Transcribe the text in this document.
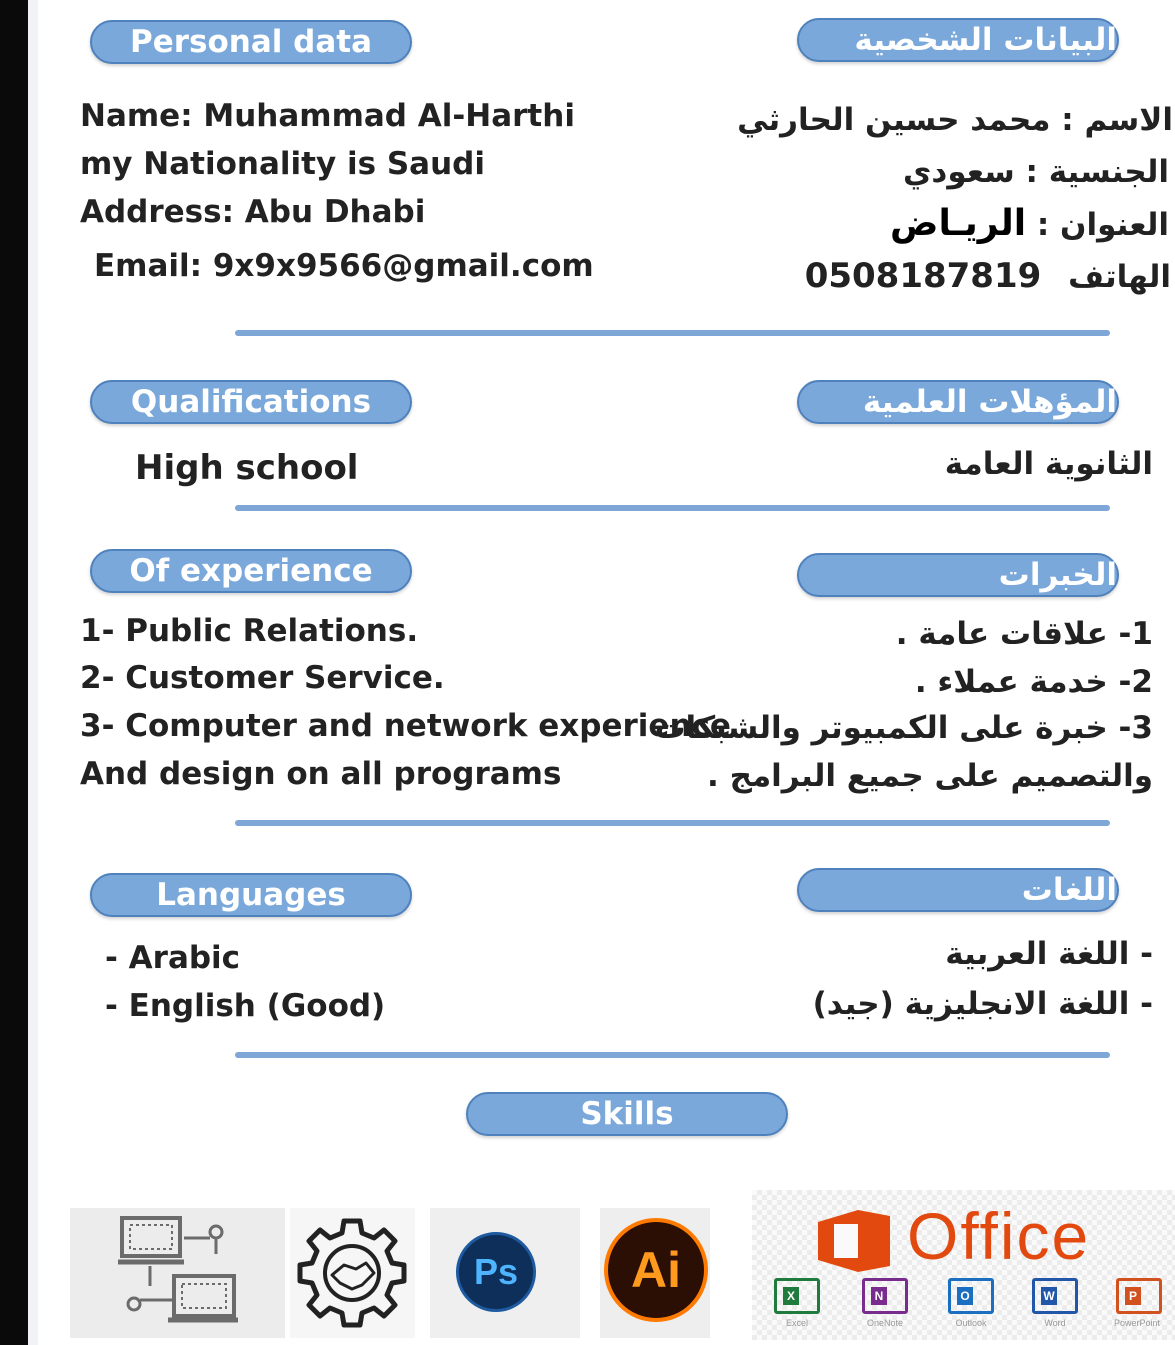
Personal data	البيانات الشخصية
Name: Muhammad Al-Harthi
my Nationality is Saudi
Address: Abu Dhabi
Email: 9x9x9566@gmail.com
الاسم : محمد حسين الحارثي
الجنسية : سعودي
العنوان : الريـاض
الهاتف 0508187819
Qualifications	المؤهلات العلمية
High school	الثانوية العامة
Of experience	الخبرات
1- Public Relations.
2- Customer Service.
3- Computer and network experience
And design on all programs
1- علاقات عامة .
2- خدمة عملاء .
3- خبرة على الكمبيوتر والشبكات
والتصميم على جميع البرامج .
Languages	اللغات
- Arabic
- English (Good)
- اللغة العربية
- اللغة الانجليزية (جيد)
Skills
Ps	Ai	Office
X	N	O	W	P
Excel	OneNote	Outlook	Word	PowerPoint
